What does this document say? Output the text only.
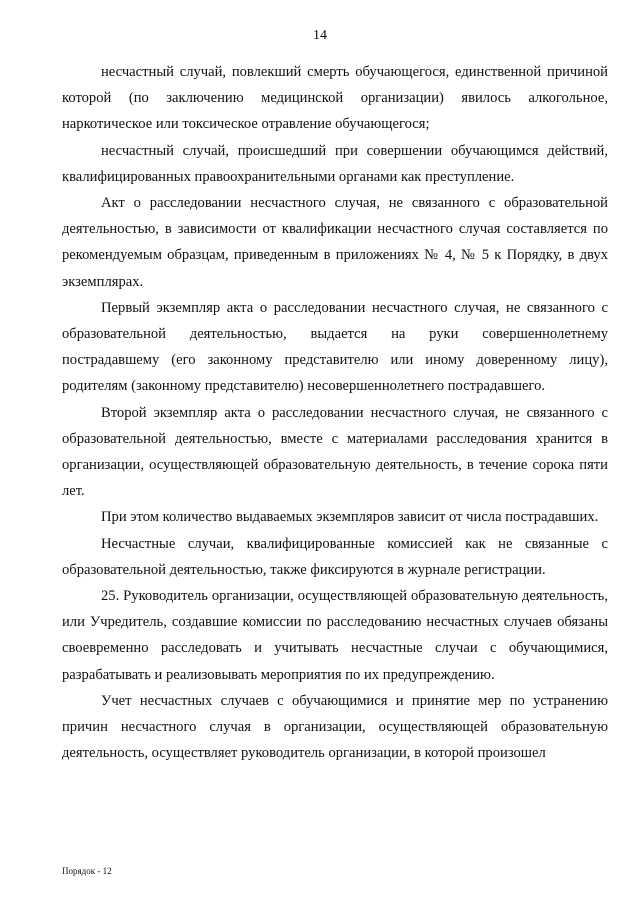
14

несчастный случай, повлекший смерть обучающегося, единственной причиной которой (по заключению медицинской организации) явилось алкогольное, наркотическое или токсическое отравление обучающегося;

несчастный случай, происшедший при совершении обучающимся действий, квалифицированных правоохранительными органами как преступление.

Акт о расследовании несчастного случая, не связанного с образовательной деятельностью, в зависимости от квалификации несчастного случая составляется по рекомендуемым образцам, приведенным в приложениях № 4, № 5 к Порядку, в двух экземплярах.

Первый экземпляр акта о расследовании несчастного случая, не связанного с образовательной деятельностью, выдается на руки совершеннолетнему пострадавшему (его законному представителю или иному доверенному лицу), родителям (законному представителю) несовершеннолетнего пострадавшего.

Второй экземпляр акта о расследовании несчастного случая, не связанного с образовательной деятельностью, вместе с материалами расследования хранится в организации, осуществляющей образовательную деятельность, в течение сорока пяти лет.

При этом количество выдаваемых экземпляров зависит от числа пострадавших.

Несчастные случаи, квалифицированные комиссией как не связанные с образовательной деятельностью, также фиксируются в журнале регистрации.

25. Руководитель организации, осуществляющей образовательную деятельность, или Учредитель, создавшие комиссии по расследованию несчастных случаев обязаны своевременно расследовать и учитывать несчастные случаи с обучающимися, разрабатывать и реализовывать мероприятия по их предупреждению.

Учет несчастных случаев с обучающимися и принятие мер по устранению причин несчастного случая в организации, осуществляющей образовательную деятельность, осуществляет руководитель организации, в которой произошел

Порядок - 12
